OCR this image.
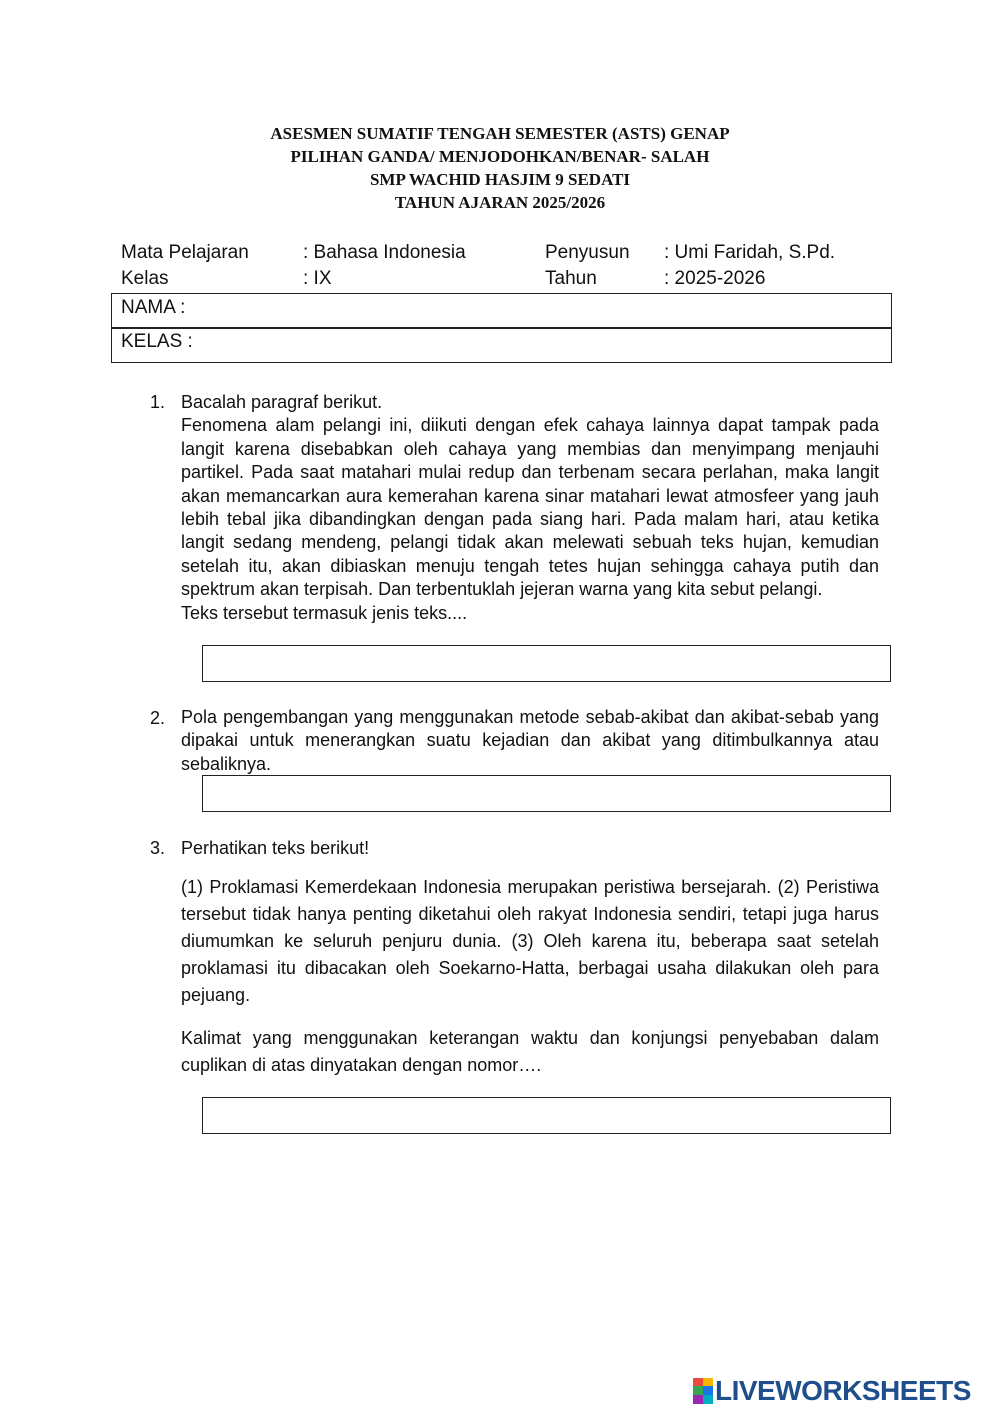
ASESMEN SUMATIF TENGAH SEMESTER (ASTS) GENAP
PILIHAN GANDA/ MENJODOHKAN/BENAR- SALAH
SMP WACHID HASJIM 9 SEDATI
TAHUN AJARAN 2025/2026
Mata Pelajaran	: Bahasa Indonesia	Penyusun : Umi Faridah, S.Pd.
Kelas	: IX	Tahun	: 2025-2026
NAMA :
KELAS :
1. Bacalah paragraf berikut.

Fenomena alam pelangi ini, diikuti dengan efek cahaya lainnya dapat tampak pada langit karena disebabkan oleh cahaya yang membias dan menyimpang menjauhi partikel. Pada saat matahari mulai redup dan terbenam secara perlahan, maka langit akan memancarkan aura kemerahan karena sinar matahari lewat atmosfeer yang jauh lebih tebal jika dibandingkan dengan pada siang hari. Pada malam hari, atau ketika langit sedang mendeng, pelangi tidak akan melewati sebuah teks hujan, kemudian setelah itu, akan dibiaskan menuju tengah tetes hujan sehingga cahaya putih dan spektrum akan terpisah. Dan terbentuklah jejeran warna yang kita sebut pelangi.

Teks tersebut termasuk jenis teks....

2. Pola pengembangan yang menggunakan metode sebab-akibat dan akibat-sebab yang dipakai untuk menerangkan suatu kejadian dan akibat yang ditimbulkannya atau sebaliknya.

3. Perhatikan teks berikut!

(1) Proklamasi Kemerdekaan Indonesia merupakan peristiwa bersejarah. (2) Peristiwa tersebut tidak hanya penting diketahui oleh rakyat Indonesia sendiri, tetapi juga harus diumumkan ke seluruh penjuru dunia. (3) Oleh karena itu, beberapa saat setelah proklamasi itu dibacakan oleh Soekarno-Hatta, berbagai usaha dilakukan oleh para pejuang.

Kalimat yang menggunakan keterangan waktu dan konjungsi penyebaban dalam cuplikan di atas dinyatakan dengan nomor….

LIVEWORKSHEETS
